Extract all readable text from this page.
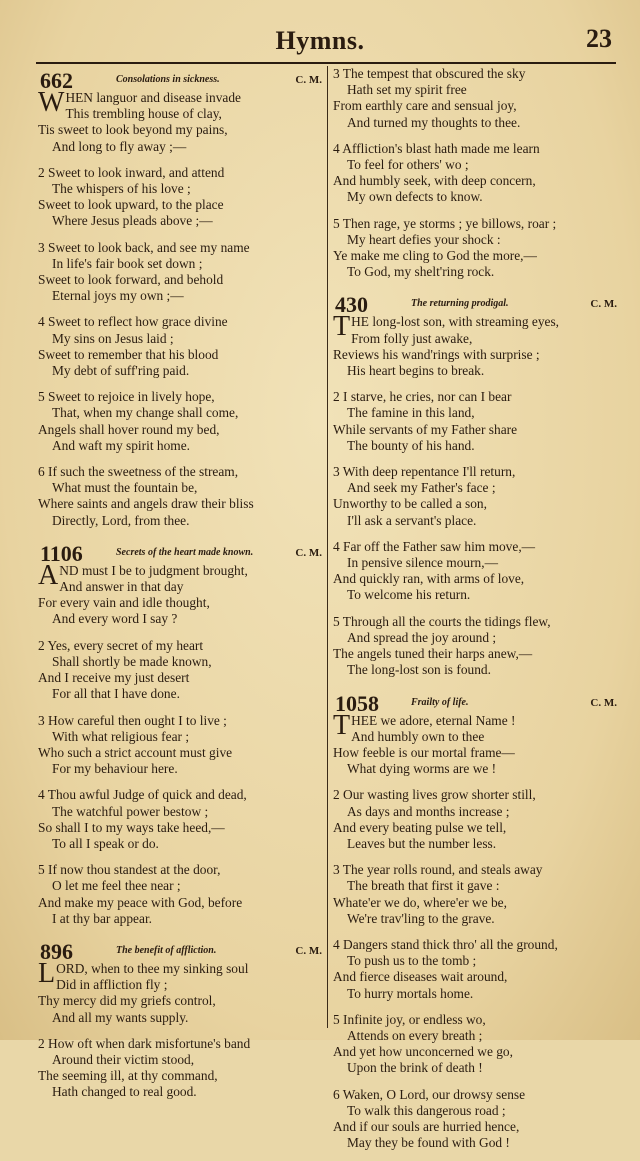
Hymns.	23
662	Consolations in sickness.	C. M.
WHEN languor and disease invade
This trembling house of clay,
Tis sweet to look beyond my pains,
And long to fly away ;—
2 Sweet to look inward, and attend
The whispers of his love ;
Sweet to look upward, to the place
Where Jesus pleads above ;—
3 Sweet to look back, and see my name
In life's fair book set down ;
Sweet to look forward, and behold
Eternal joys my own ;—
4 Sweet to reflect how grace divine
My sins on Jesus laid ;
Sweet to remember that his blood
My debt of suff'ring paid.
5 Sweet to rejoice in lively hope,
That, when my change shall come,
Angels shall hover round my bed,
And waft my spirit home.
6 If such the sweetness of the stream,
What must the fountain be,
Where saints and angels draw their bliss
Directly, Lord, from thee.
1106	Secrets of the heart made known.	C. M.
AND must I be to judgment brought,
And answer in that day
For every vain and idle thought,
And every word I say ?
2 Yes, every secret of my heart
Shall shortly be made known,
And I receive my just desert
For all that I have done.
3 How careful then ought I to live ;
With what religious fear ;
Who such a strict account must give
For my behaviour here.
4 Thou awful Judge of quick and dead,
The watchful power bestow ;
So shall I to my ways take heed,—
To all I speak or do.
5 If now thou standest at the door,
O let me feel thee near ;
And make my peace with God, before
I at thy bar appear.
896	The benefit of affliction.	C. M.
LORD, when to thee my sinking soul
Did in affliction fly ;
Thy mercy did my griefs control,
And all my wants supply.
2 How oft when dark misfortune's band
Around their victim stood,
The seeming ill, at thy command,
Hath changed to real good.
3 The tempest that obscured the sky
Hath set my spirit free
From earthly care and sensual joy,
And turned my thoughts to thee.
4 Affliction's blast hath made me learn
To feel for others' wo ;
And humbly seek, with deep concern,
My own defects to know.
5 Then rage, ye storms ; ye billows, roar ;
My heart defies your shock :
Ye make me cling to God the more,—
To God, my shelt'ring rock.
430	The returning prodigal.	C. M.
THE long-lost son, with streaming eyes,
From folly just awake,
Reviews his wand'rings with surprise ;
His heart begins to break.
2 I starve, he cries, nor can I bear
The famine in this land,
While servants of my Father share
The bounty of his hand.
3 With deep repentance I'll return,
And seek my Father's face ;
Unworthy to be called a son,
I'll ask a servant's place.
4 Far off the Father saw him move,—
In pensive silence mourn,—
And quickly ran, with arms of love,
To welcome his return.
5 Through all the courts the tidings flew,
And spread the joy around ;
The angels tuned their harps anew,—
The long-lost son is found.
1058	Frailty of life.	C. M.
THEE we adore, eternal Name !
And humbly own to thee
How feeble is our mortal frame—
What dying worms are we !
2 Our wasting lives grow shorter still,
As days and months increase ;
And every beating pulse we tell,
Leaves but the number less.
3 The year rolls round, and steals away
The breath that first it gave :
Whate'er we do, where'er we be,
We're trav'ling to the grave.
4 Dangers stand thick thro' all the ground,
To push us to the tomb ;
And fierce diseases wait around,
To hurry mortals home.
5 Infinite joy, or endless wo,
Attends on every breath ;
And yet how unconcerned we go,
Upon the brink of death !
6 Waken, O Lord, our drowsy sense
To walk this dangerous road ;
And if our souls are hurried hence,
May they be found with God !
